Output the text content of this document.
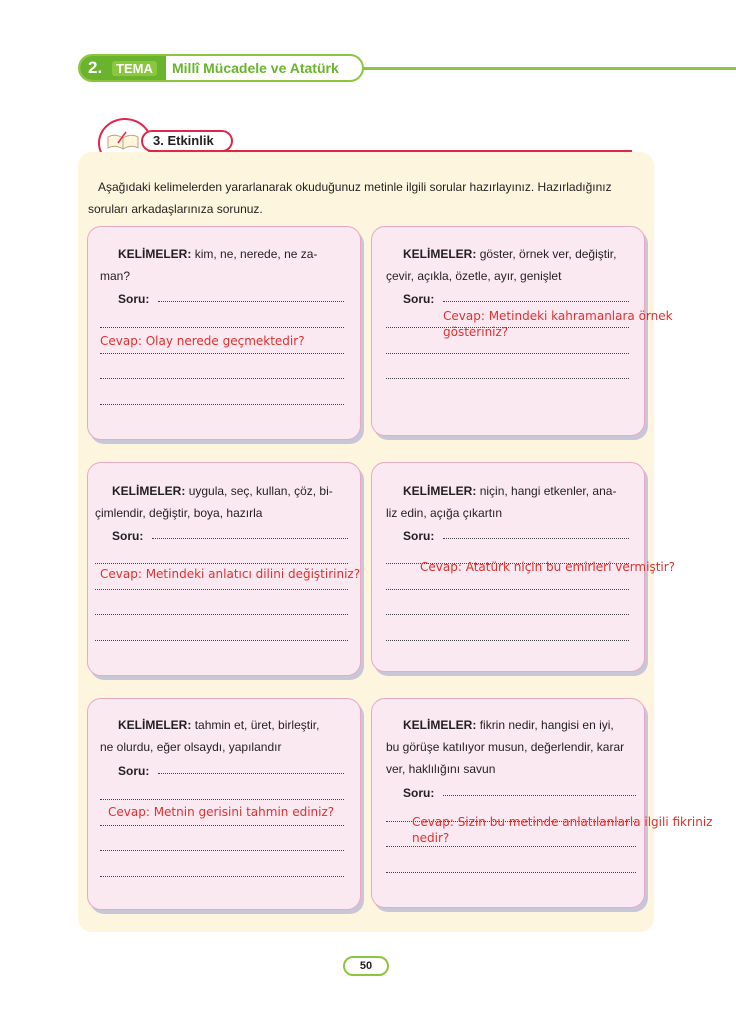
2.	TEMA Millî Mücadele ve Atatürk
3. Etkinlik
Aşağıdaki kelimelerden yararlanarak okuduğunuz metinle ilgili sorular hazırlayınız. Hazırladığınız soruları arkadaşlarınıza sorunuz.
KELİMELER: kim, ne, nerede, ne za-
man?
Soru:
Cevap: Olay nerede geçmektedir?
KELİMELER: göster, örnek ver, değiştir,
çevir, açıkla, özetle, ayır, genişlet
Soru:
Cevap: Metindeki kahramanlara örnek
gösteriniz?
KELİMELER: uygula, seç, kullan, çöz, bi-
çimlendir, değiştir, boya, hazırla
Soru:
Cevap: Metindeki anlatıcı dilini değiştiriniz?
KELİMELER: niçin, hangi etkenler, ana-
liz edin, açığa çıkartın
Soru:
Cevap: Atatürk niçin bu emirleri vermiştir?
KELİMELER: tahmin et, üret, birleştir,
ne olurdu, eğer olsaydı, yapılandır
Soru:
Cevap: Metnin gerisini tahmin ediniz?
KELİMELER: fikrin nedir, hangisi en iyi,
bu görüşe katılıyor musun, değerlendir, karar
ver, haklılığını savun
Soru:
Cevap: Sizin bu metinde anlatılanlarla ilgili fikriniz
nedir?
50
